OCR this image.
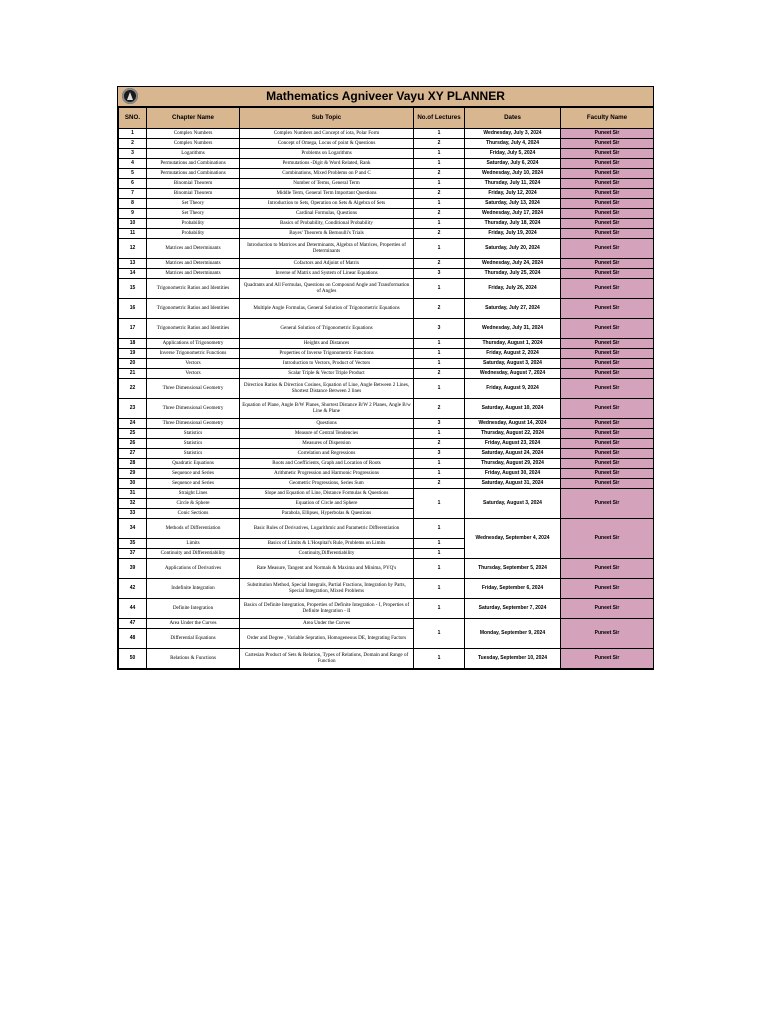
Mathematics Agniveer Vayu XY PLANNER
SNO.	Chapter Name	Sub Topic	No.of Lectures	Dates	Faculty Name
1	Complex Numbers	Complex Numbers and Concept of iota, Polar Form	1	Wednesday, July 3, 2024	Puneet Sir
2	Complex Numbers	Concept of Omega, Locus of point & Questions	2	Thursday, July 4, 2024	Puneet Sir
3	Logarithms	Problems on Logarithms	1	Friday, July 5, 2024	Puneet Sir
4	Permutations and Combinations	Permutations -Digit & Word Related, Rank	1	Saturday, July 6, 2024	Puneet Sir
5	Permutations and Combinations	Combinations, Mixed Problems on P and C	2	Wednesday, July 10, 2024	Puneet Sir
6	Binomial Theorem	Number of Terms, General Term	1	Thursday, July 11, 2024	Puneet Sir
7	Binomial Theorem	Middle Term, General Term Important Questions	2	Friday, July 12, 2024	Puneet Sir
8	Set Theory	Introduction to Sets, Operation on Sets & Algebra of Sets	1	Saturday, July 13, 2024	Puneet Sir
9	Set Theory	Cardinal Formulas, Questions	2	Wednesday, July 17, 2024	Puneet Sir
10	Probability	Basics of Probability, Conditional Probability	1	Thursday, July 18, 2024	Puneet Sir
11	Probability	Bayes' Theorem & Bernoulli's Trials	2	Friday, July 19, 2024	Puneet Sir
12	Matrices and Determinants	Introduction to Matrices and Determinants, Algebra of Matrices, Properties of Determinants	1	Saturday, July 20, 2024	Puneet Sir
13	Matrices and Determinants	Cofactors and Adjoint of Matrix	2	Wednesday, July 24, 2024	Puneet Sir
14	Matrices and Determinants	Inverse of Matrix and System of Linear Equations	3	Thursday, July 25, 2024	Puneet Sir
15	Trigonometric Ratios and Identities	Quadrants and All Formulas, Questions on Compound Angle and Transformation of Angles	1	Friday, July 26, 2024	Puneet Sir
16	Trigonometric Ratios and Identities	Multiple Angle Formulas, General Solution of Trigonometric Equations	2	Saturday, July 27, 2024	Puneet Sir
17	Trigonometric Ratios and Identities	General Solution of Trigonometric Equations	3	Wednesday, July 31, 2024	Puneet Sir
18	Applications of Trigonometry	Heights and Distances	1	Thursday, August 1, 2024	Puneet Sir
19	Inverse Trigonometric Functions	Properties of Inverse Trigonometric Functions	1	Friday, August 2, 2024	Puneet Sir
20	Vectors	Introduction to Vectors, Product of Vectors	1	Saturday, August 3, 2024	Puneet Sir
21	Vectors	Scalar Triple & Vector Triple Product	2	Wednesday, August 7, 2024	Puneet Sir
22	Three Dimensional Geometry	Direction Ratios & Direction Cosines, Equation of Line, Angle Between 2 Lines, Shortest Distance Between 2 lines	1	Friday, August 9, 2024	Puneet Sir
23	Three Dimensional Geometry	Equation of Plane, Angle B/W Planes, Shortest Distance B/W 2 Planes, Angle B/w Line & Plane	2	Saturday, August 10, 2024	Puneet Sir
24	Three Dimensional Geometry	Questions	3	Wednesday, August 14, 2024	Puneet Sir
25	Statistics	Measure of Central Tendencies	1	Thursday, August 22, 2024	Puneet Sir
26	Statistics	Measures of Dispersion	2	Friday, August 23, 2024	Puneet Sir
27	Statistics	Correlation and Regressions	3	Saturday, August 24, 2024	Puneet Sir
28	Quadratic Equations	Roots and Coefficients, Graph and Location of Roots	1	Thursday, August 29, 2024	Puneet Sir
29	Sequence and Series	Arithmetic Progression and Harmonic Progressions	1	Friday, August 30, 2024	Puneet Sir
30	Sequence and Series	Geometric Progressions, Series Sum	2	Saturday, August 31, 2024	Puneet Sir
31	Straight Lines	Slope and Equation of Line, Distance Formulas & Questions	1	Saturday, August 3, 2024	Puneet Sir
32	Circle & Sphere	Equation of Circle and Sphere			
33	Conic Sections	Parabola, Ellipses, Hyperbolas & Questions			
34	Methods of Differentiation	Basic Rules of Derivatives, Logarithmic and Parametric Differentiation	1	Wednesday, September 4, 2024	Puneet Sir
35	Limits	Basics of Limits & L'Hospital's Rule, Problems on Limits	1		
37	Continuity and Differentiability	Continuity,Differentiability	1		
39	Applications of Derivatives	Rate Measure, Tangent and Normals & Maxima and Minima, PYQ's	1	Thursday, September 5, 2024	Puneet Sir
42	Indefinite Integration	Substitution Method, Special Integrals, Partial Fractions, Integration by Parts, Special Integration, Mixed Problems	1	Friday, September 6, 2024	Puneet Sir
44	Definite Integration	Basics of Definite Integration, Properties of Definite Integration - I, Properties of Definite Integration - II	1	Saturday, September 7, 2024	Puneet Sir
47	Area Under the Curves	Area Under the Curves	1	Monday, September 9, 2024	Puneet Sir
48	Differential Equations	Order and Degree , Variable Sepration, Homogeneous DE, Integrating Factors			
50	Relations & Functions	Cartesian Product of Sets & Relation, Types of Relations, Domain and Range of Function	1	Tuesday, September 10, 2024	Puneet Sir
